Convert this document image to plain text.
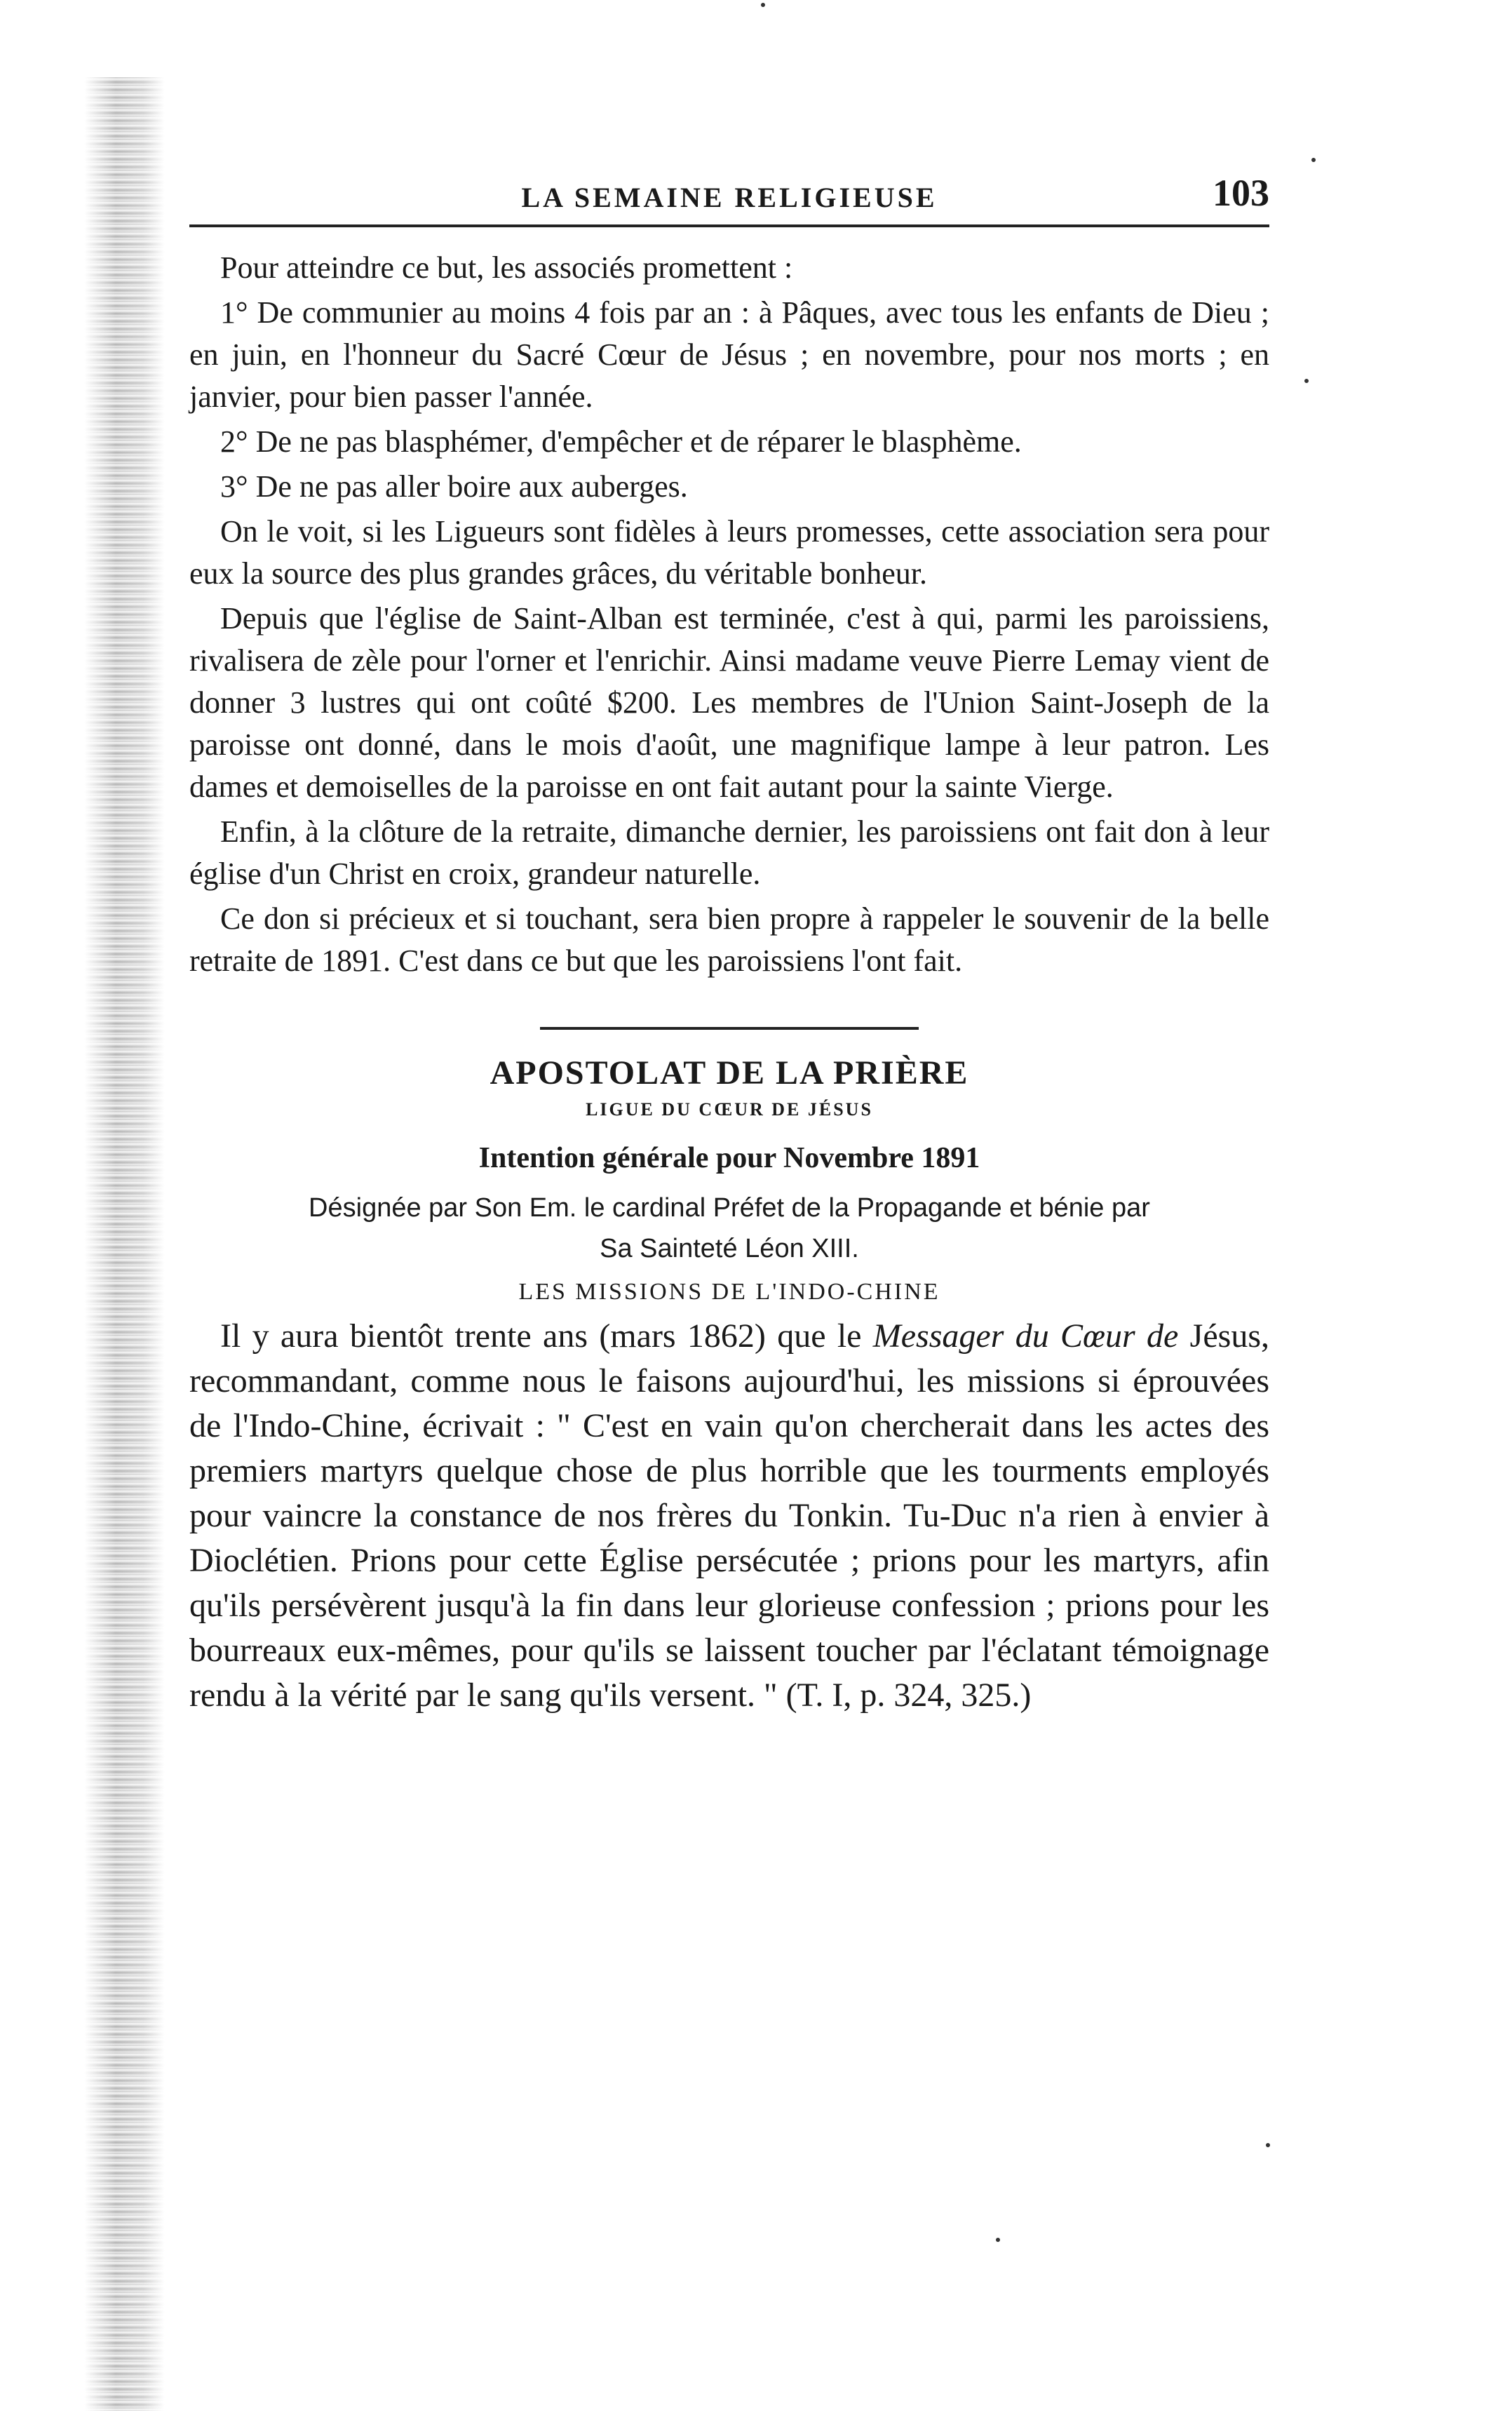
LA SEMAINE RELIGIEUSE	103

Pour atteindre ce but, les associés promettent :

1° De communier au moins 4 fois par an : à Pâques, avec tous les enfants de Dieu ; en juin, en l'honneur du Sacré Cœur de Jésus ; en novembre, pour nos morts ; en janvier, pour bien passer l'année.

2° De ne pas blasphémer, d'empêcher et de réparer le blasphème.

3° De ne pas aller boire aux auberges.

On le voit, si les Ligueurs sont fidèles à leurs promesses, cette association sera pour eux la source des plus grandes grâces, du véritable bonheur.

Depuis que l'église de Saint-Alban est terminée, c'est à qui, parmi les paroissiens, rivalisera de zèle pour l'orner et l'enrichir. Ainsi madame veuve Pierre Lemay vient de donner 3 lustres qui ont coûté $200. Les membres de l'Union Saint-Joseph de la paroisse ont donné, dans le mois d'août, une magnifique lampe à leur patron. Les dames et demoiselles de la paroisse en ont fait autant pour la sainte Vierge.

Enfin, à la clôture de la retraite, dimanche dernier, les paroissiens ont fait don à leur église d'un Christ en croix, grandeur naturelle.

Ce don si précieux et si touchant, sera bien propre à rappeler le souvenir de la belle retraite de 1891. C'est dans ce but que les paroissiens l'ont fait.

APOSTOLAT DE LA PRIÈRE
LIGUE DU CŒUR DE JÉSUS
Intention générale pour Novembre 1891
Désignée par Son Em. le cardinal Préfet de la Propagande et bénie par
Sa Sainteté Léon XIII.
LES MISSIONS DE L'INDO-CHINE

Il y aura bientôt trente ans (mars 1862) que le Messager du Cœur de Jésus, recommandant, comme nous le faisons aujourd'hui, les missions si éprouvées de l'Indo-Chine, écrivait : " C'est en vain qu'on chercherait dans les actes des premiers martyrs quelque chose de plus horrible que les tourments employés pour vaincre la constance de nos frères du Tonkin. Tu-Duc n'a rien à envier à Dioclétien. Prions pour cette Église persécutée ; prions pour les martyrs, afin qu'ils persévèrent jusqu'à la fin dans leur glorieuse confession ; prions pour les bourreaux eux-mêmes, pour qu'ils se laissent toucher par l'éclatant témoignage rendu à la vérité par le sang qu'ils versent. " (T. I, p. 324, 325.)
